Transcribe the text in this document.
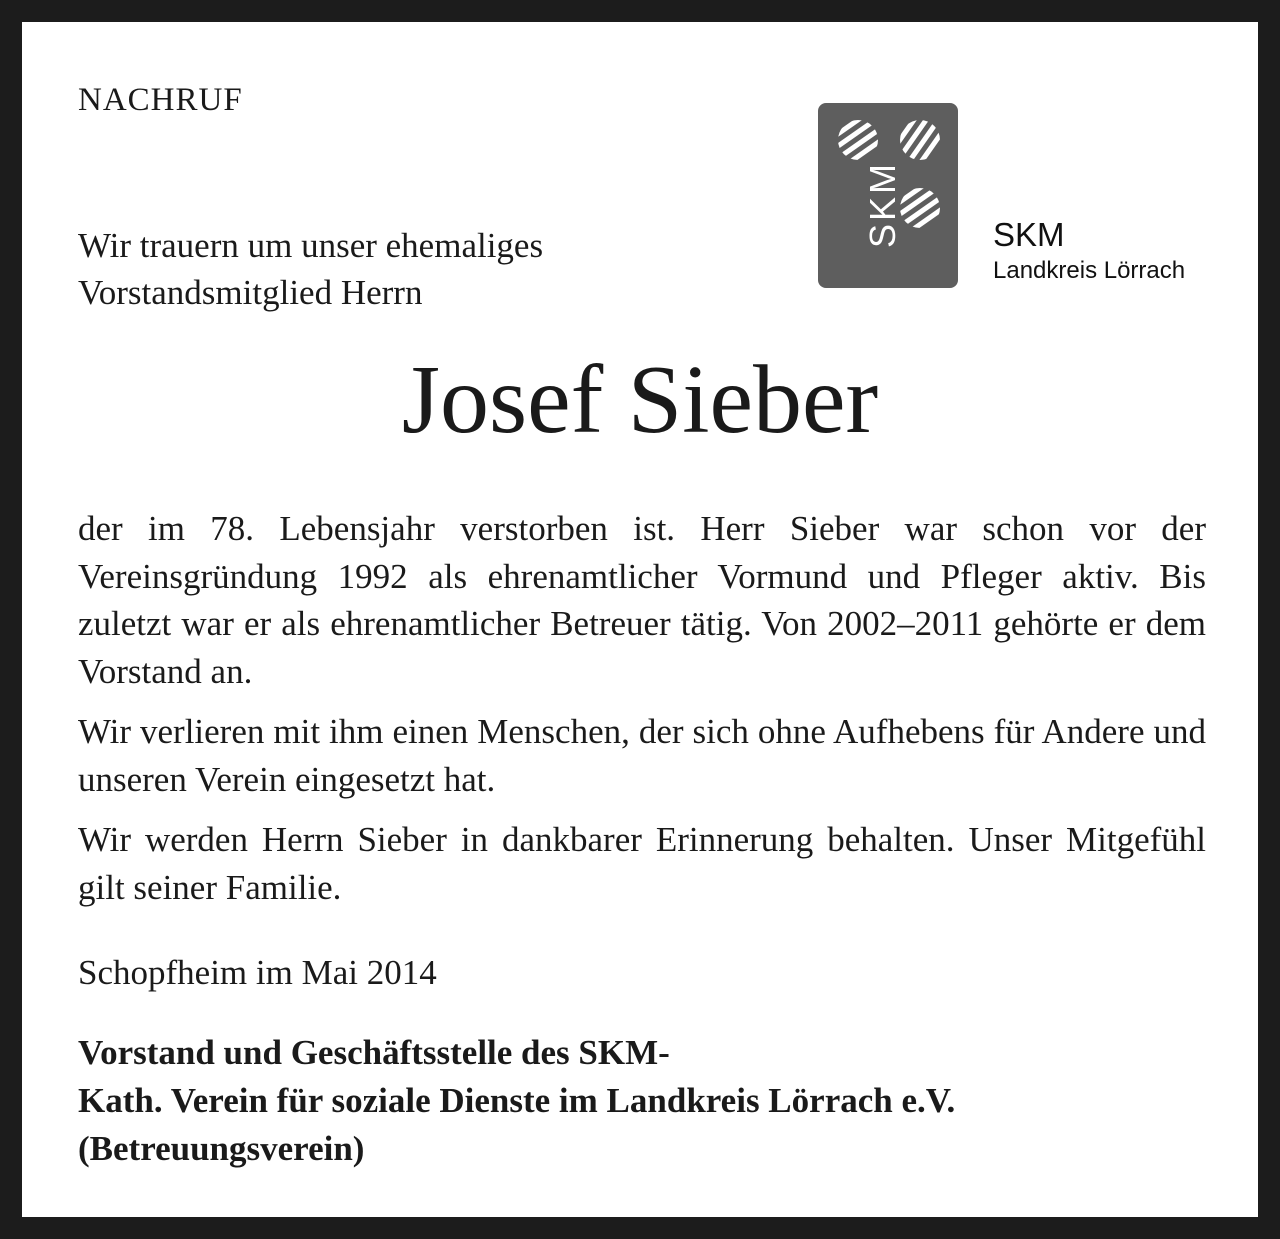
NACHRUF
Wir trauern um unser ehemaliges
Vorstandsmitglied Herrn
SKM	SKM
Landkreis Lörrach
Josef Sieber

der im 78. Lebensjahr verstorben ist. Herr Sieber war schon vor der Vereinsgründung 1992 als ehrenamtlicher Vormund und Pfleger aktiv. Bis zuletzt war er als ehrenamtlicher Betreuer tätig. Von 2002–2011 gehörte er dem Vorstand an.

Wir verlieren mit ihm einen Menschen, der sich ohne Aufhebens für Andere und unseren Verein eingesetzt hat.

Wir werden Herrn Sieber in dankbarer Erinnerung behalten. Unser Mitgefühl gilt seiner Familie.

Schopfheim im Mai 2014
Vorstand und Geschäftsstelle des SKM-
Kath. Verein für soziale Dienste im Landkreis Lörrach e.V.
(Betreuungsverein)
